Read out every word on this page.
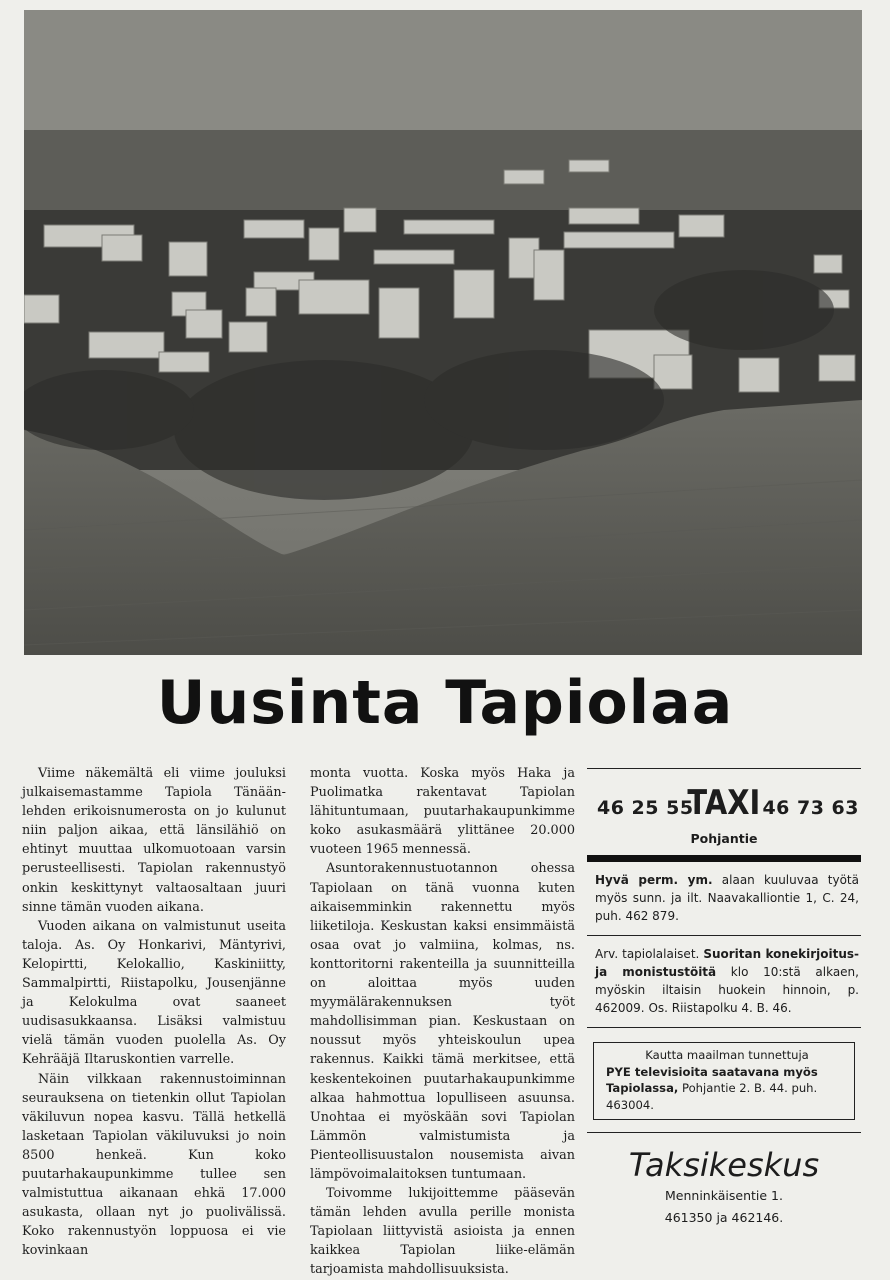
Uusinta Tapiolaa

Viime näkemältä eli viime jouluksi julkaisemastamme Tapiola Tänään-lehden erikoisnumerosta on jo kulunut niin paljon aikaa, että länsilähiö on ehtinyt muuttaa ulkomuotoaan varsin perusteellisesti. Tapiolan rakennustyö onkin keskittynyt valtaosaltaan juuri sinne tämän vuoden aikana.

Vuoden aikana on valmistunut useita taloja. As. Oy Honkarivi, Mäntyrivi, Kelopirtti, Kelokallio, Kaskiniitty, Sammalpirtti, Riistapolku, Jousenjänne ja Kelokulma ovat saaneet uudisasukkaansa. Lisäksi valmistuu vielä tämän vuoden puolella As. Oy Kehrääjä Iltaruskontien varrelle.

Näin vilkkaan rakennustoiminnan seurauksena on tietenkin ollut Tapiolan väkiluvun nopea kasvu. Tällä hetkellä lasketaan Tapiolan väkiluvuksi jo noin 8500 henkeä. Kun koko puutarhakaupunkimme tullee sen valmistuttua aikanaan ehkä 17.000 asukasta, ollaan nyt jo puolivälissä. Koko rakennustyön loppuosa ei vie kovinkaan

monta vuotta. Koska myös Haka ja Puolimatka rakentavat Tapiolan lähituntumaan, puutarhakaupunkimme koko asukasmäärä ylittänee 20.000 vuoteen 1965 mennessä.

Asuntorakennustuotannon ohessa Tapiolaan on tänä vuonna kuten aikaisemminkin rakennettu myös liiketiloja. Keskustan kaksi ensimmäistä osaa ovat jo valmiina, kolmas, ns. konttoritorni rakenteilla ja suunnitteilla on aloittaa myös uuden myymälärakennuksen työt mahdollisimman pian. Keskustaan on noussut myös yhteiskoulun upea rakennus. Kaikki tämä merkitsee, että keskentekoinen puutarhakaupunkimme alkaa hahmottua lopulliseen asuunsa. Unohtaa ei myöskään sovi Tapiolan Lämmön valmistumista ja Pienteollisuustalon nousemista aivan lämpövoimalaitoksen tuntumaan.

Toivomme lukijoittemme pääsevän tämän lehden avulla perille monista Tapiolaan liittyvistä asioista ja ennen kaikkea Tapiolan liike-elämän tarjoamista mahdollisuuksista.

46 25 55
TAXI 46 73 63
Pohjantie
Hyvä perm. ym. alaan kuuluvaa työtä myös sunn. ja ilt. Naavakalliontie 1, C. 24, puh. 462 879.
Arv. tapiolalaiset. Suoritan konekirjoitus- ja monistustöitä klo 10:stä alkaen, myöskin iltaisin huokein hinnoin, p. 462009. Os. Riistapolku 4. B. 46.
Kautta maailman tunnettuja
PYE televisioita saatavana myös Tapiolassa, Pohjantie 2. B. 44. puh. 463004.
Taksikeskus
Menninkäisentie 1.
461350 ja 462146.
